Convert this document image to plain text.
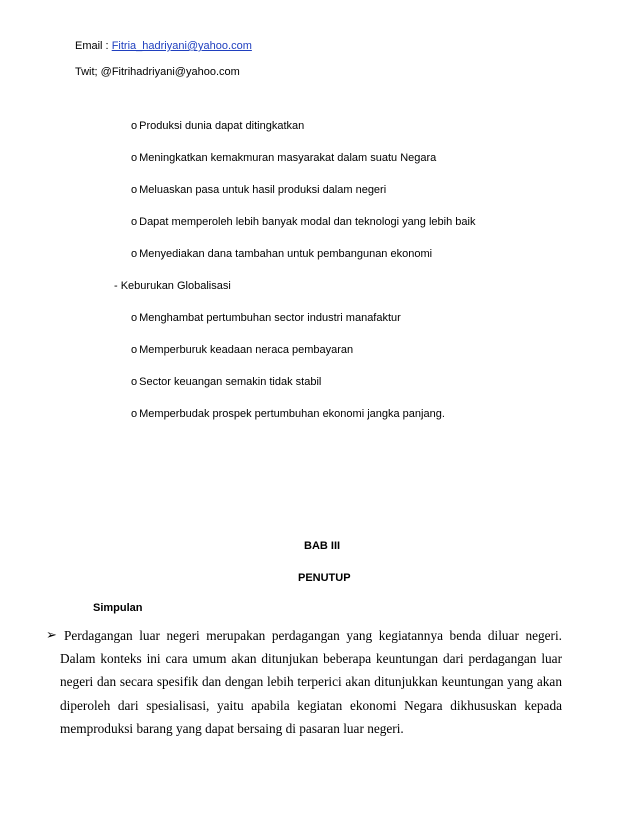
Email : Fitria_hadriyani@yahoo.com
Twit; @Fitrihadriyani@yahoo.com
o Produksi dunia dapat ditingkatkan
o Meningkatkan kemakmuran masyarakat dalam suatu Negara
o Meluaskan pasa untuk hasil produksi dalam negeri
o Dapat memperoleh lebih banyak modal dan teknologi yang lebih baik
o Menyediakan dana tambahan untuk pembangunan ekonomi
- Keburukan Globalisasi
o Menghambat pertumbuhan sector industri manafaktur
o Memperburuk keadaan neraca pembayaran
o Sector keuangan semakin tidak stabil
o Memperbudak prospek pertumbuhan ekonomi jangka panjang.
BAB III
PENUTUP
Simpulan
➢ Perdagangan luar negeri merupakan perdagangan yang kegiatannya benda diluar negeri. Dalam konteks ini cara umum akan ditunjukan beberapa keuntungan dari perdagangan luar negeri dan secara spesifik dan dengan lebih terperici akan ditunjukkan keuntungan yang akan diperoleh dari spesialisasi, yaitu apabila kegiatan ekonomi Negara dikhususkan kepada memproduksi barang yang dapat bersaing di pasaran luar negeri.
